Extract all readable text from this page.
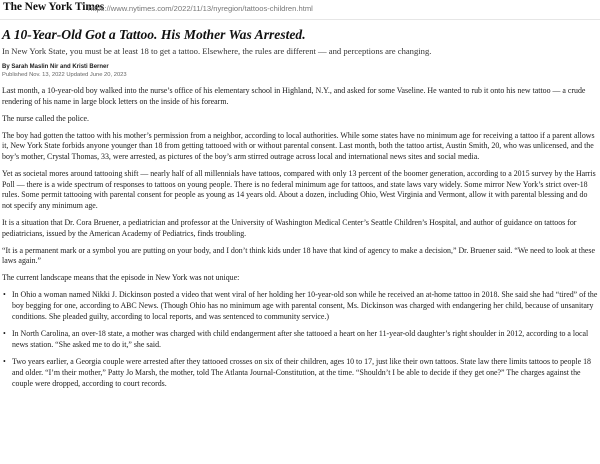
The New York Times
https://www.nytimes.com/2022/11/13/nyregion/tattoos-children.html
A 10-Year-Old Got a Tattoo. His Mother Was Arrested.

In New York State, you must be at least 18 to get a tattoo. Elsewhere, the rules are different — and perceptions are changing.

By Sarah Maslin Nir and Kristi Berner

Published Nov. 13, 2022 Updated June 20, 2023

Last month, a 10-year-old boy walked into the nurse’s office of his elementary school in Highland, N.Y., and asked for some Vaseline. He wanted to rub it onto his new tattoo — a crude rendering of his name in large block letters on the inside of his forearm.

The nurse called the police.

The boy had gotten the tattoo with his mother’s permission from a neighbor, according to local authorities. While some states have no minimum age for receiving a tattoo if a parent allows it, New York State forbids anyone younger than 18 from getting tattooed with or without parental consent. Last month, both the tattoo artist, Austin Smith, 20, who was unlicensed, and the boy’s mother, Crystal Thomas, 33, were arrested, as pictures of the boy’s arm stirred outrage across local and international news sites and social media.

Yet as societal mores around tattooing shift — nearly half of all millennials have tattoos, compared with only 13 percent of the boomer generation, according to a 2015 survey by the Harris Poll — there is a wide spectrum of responses to tattoos on young people. There is no federal minimum age for tattoos, and state laws vary widely. Some mirror New York’s strict over-18 rules. Some permit tattooing with parental consent for people as young as 14 years old. About a dozen, including Ohio, West Virginia and Vermont, allow it with parental blessing and do not specify any minimum age.

It is a situation that Dr. Cora Bruener, a pediatrician and professor at the University of Washington Medical Center’s Seattle Children’s Hospital, and author of guidance on tattoos for pediatricians, issued by the American Academy of Pediatrics, finds troubling.

“It is a permanent mark or a symbol you are putting on your body, and I don’t think kids under 18 have that kind of agency to make a decision,” Dr. Bruener said. “We need to look at these laws again.”

The current landscape means that the episode in New York was not unique:

• In Ohio a woman named Nikki J. Dickinson posted a video that went viral of her holding her 10-year-old son while he received an at-home tattoo in 2018. She said she had “tired” of the boy begging for one, according to ABC News. (Though Ohio has no minimum age with parental consent, Ms. Dickinson was charged with endangering her child, because of unsanitary conditions. She pleaded guilty, according to local reports, and was sentenced to community service.)
• In North Carolina, an over-18 state, a mother was charged with child endangerment after she tattooed a heart on her 11-year-old daughter’s right shoulder in 2012, according to a local news station. “She asked me to do it,” she said.
• Two years earlier, a Georgia couple were arrested after they tattooed crosses on six of their children, ages 10 to 17, just like their own tattoos. State law there limits tattoos to people 18 and older. “I’m their mother,” Patty Jo Marsh, the mother, told The Atlanta Journal-Constitution, at the time. “Shouldn’t I be able to decide if they get one?” The charges against the couple were dropped, according to court records.
